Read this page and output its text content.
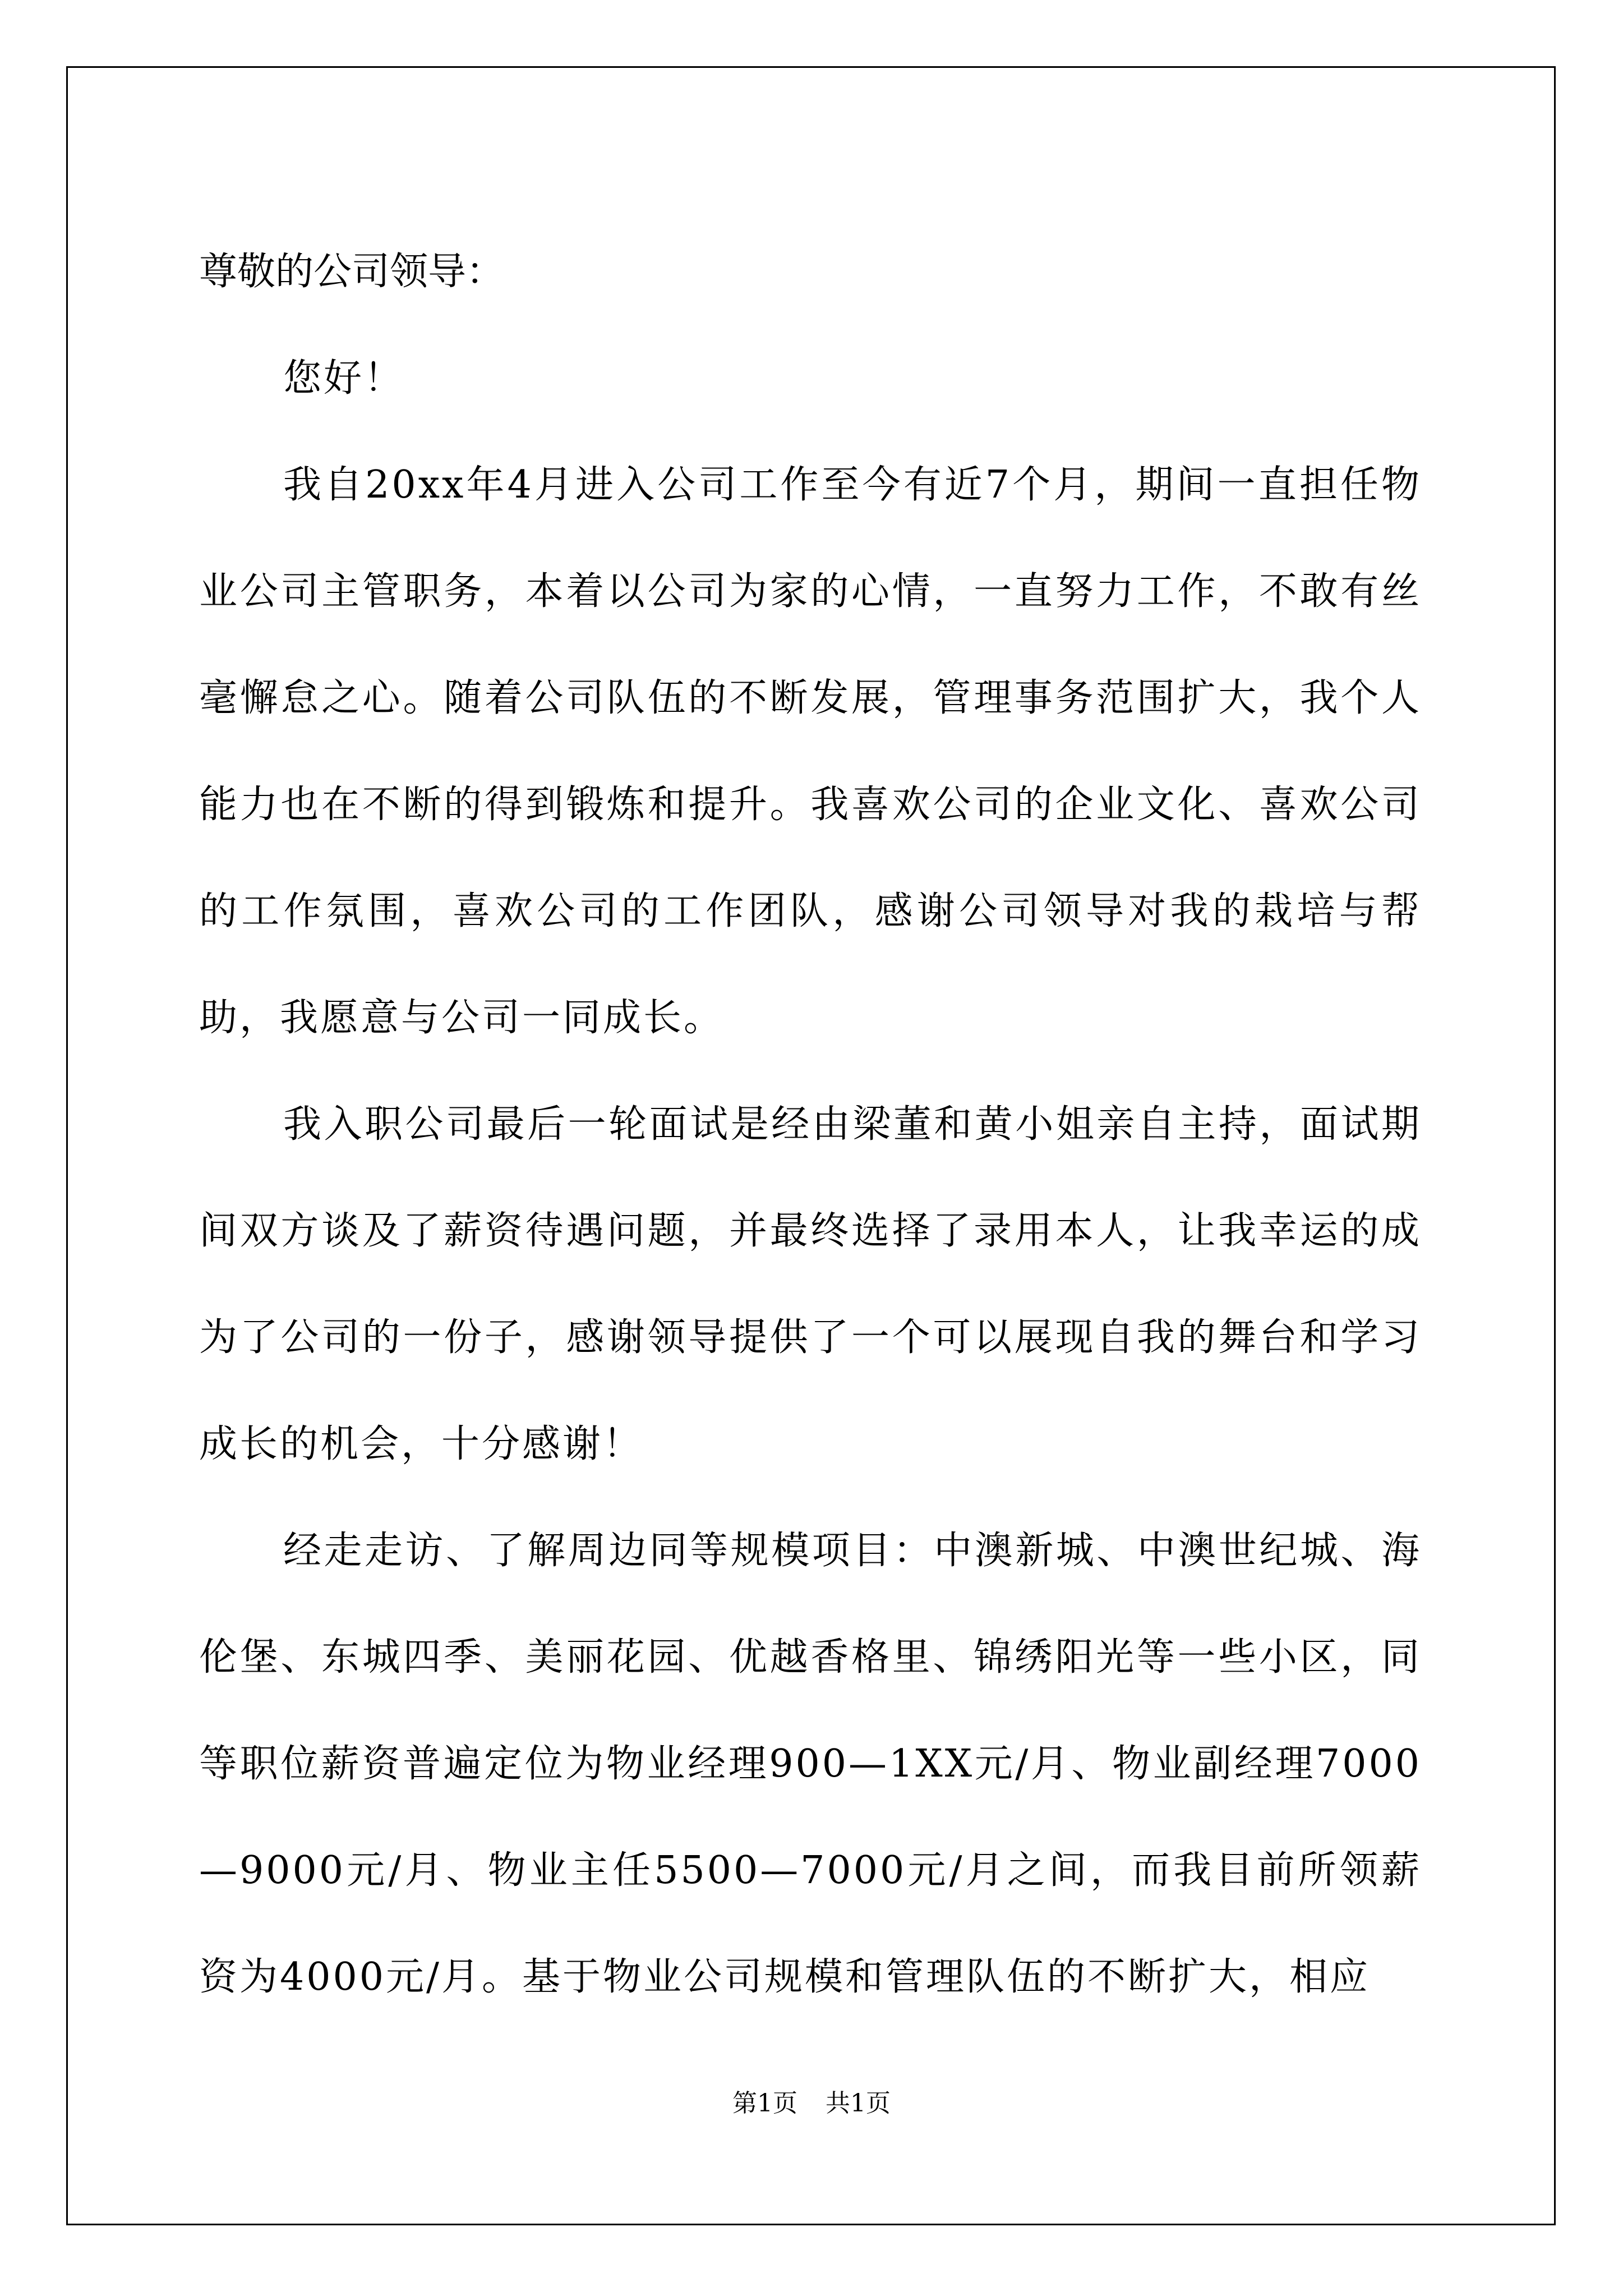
尊敬的公司领导：

您好！

我自20xx年4月进入公司工作至今有近7个月，期间一直担任物业公司主管职务，本着以公司为家的心情，一直努力工作，不敢有丝毫懈怠之心。随着公司队伍的不断发展，管理事务范围扩大，我个人能力也在不断的得到锻炼和提升。我喜欢公司的企业文化、喜欢公司的工作氛围，喜欢公司的工作团队，感谢公司领导对我的栽培与帮助，我愿意与公司一同成长。

我入职公司最后一轮面试是经由梁董和黄小姐亲自主持，面试期间双方谈及了薪资待遇问题，并最终选择了录用本人，让我幸运的成为了公司的一份子，感谢领导提供了一个可以展现自我的舞台和学习成长的机会，十分感谢！

经走走访、了解周边同等规模项目：中澳新城、中澳世纪城、海伦堡、东城四季、美丽花园、优越香格里、锦绣阳光等一些小区，同等职位薪资普遍定位为物业经理900—1XX元/月、物业副经理7000—9000元/月、物业主任5500—7000元/月之间，而我目前所领薪资为4000元/月。基于物业公司规模和管理队伍的不断扩大，相应

第1页 共1页
